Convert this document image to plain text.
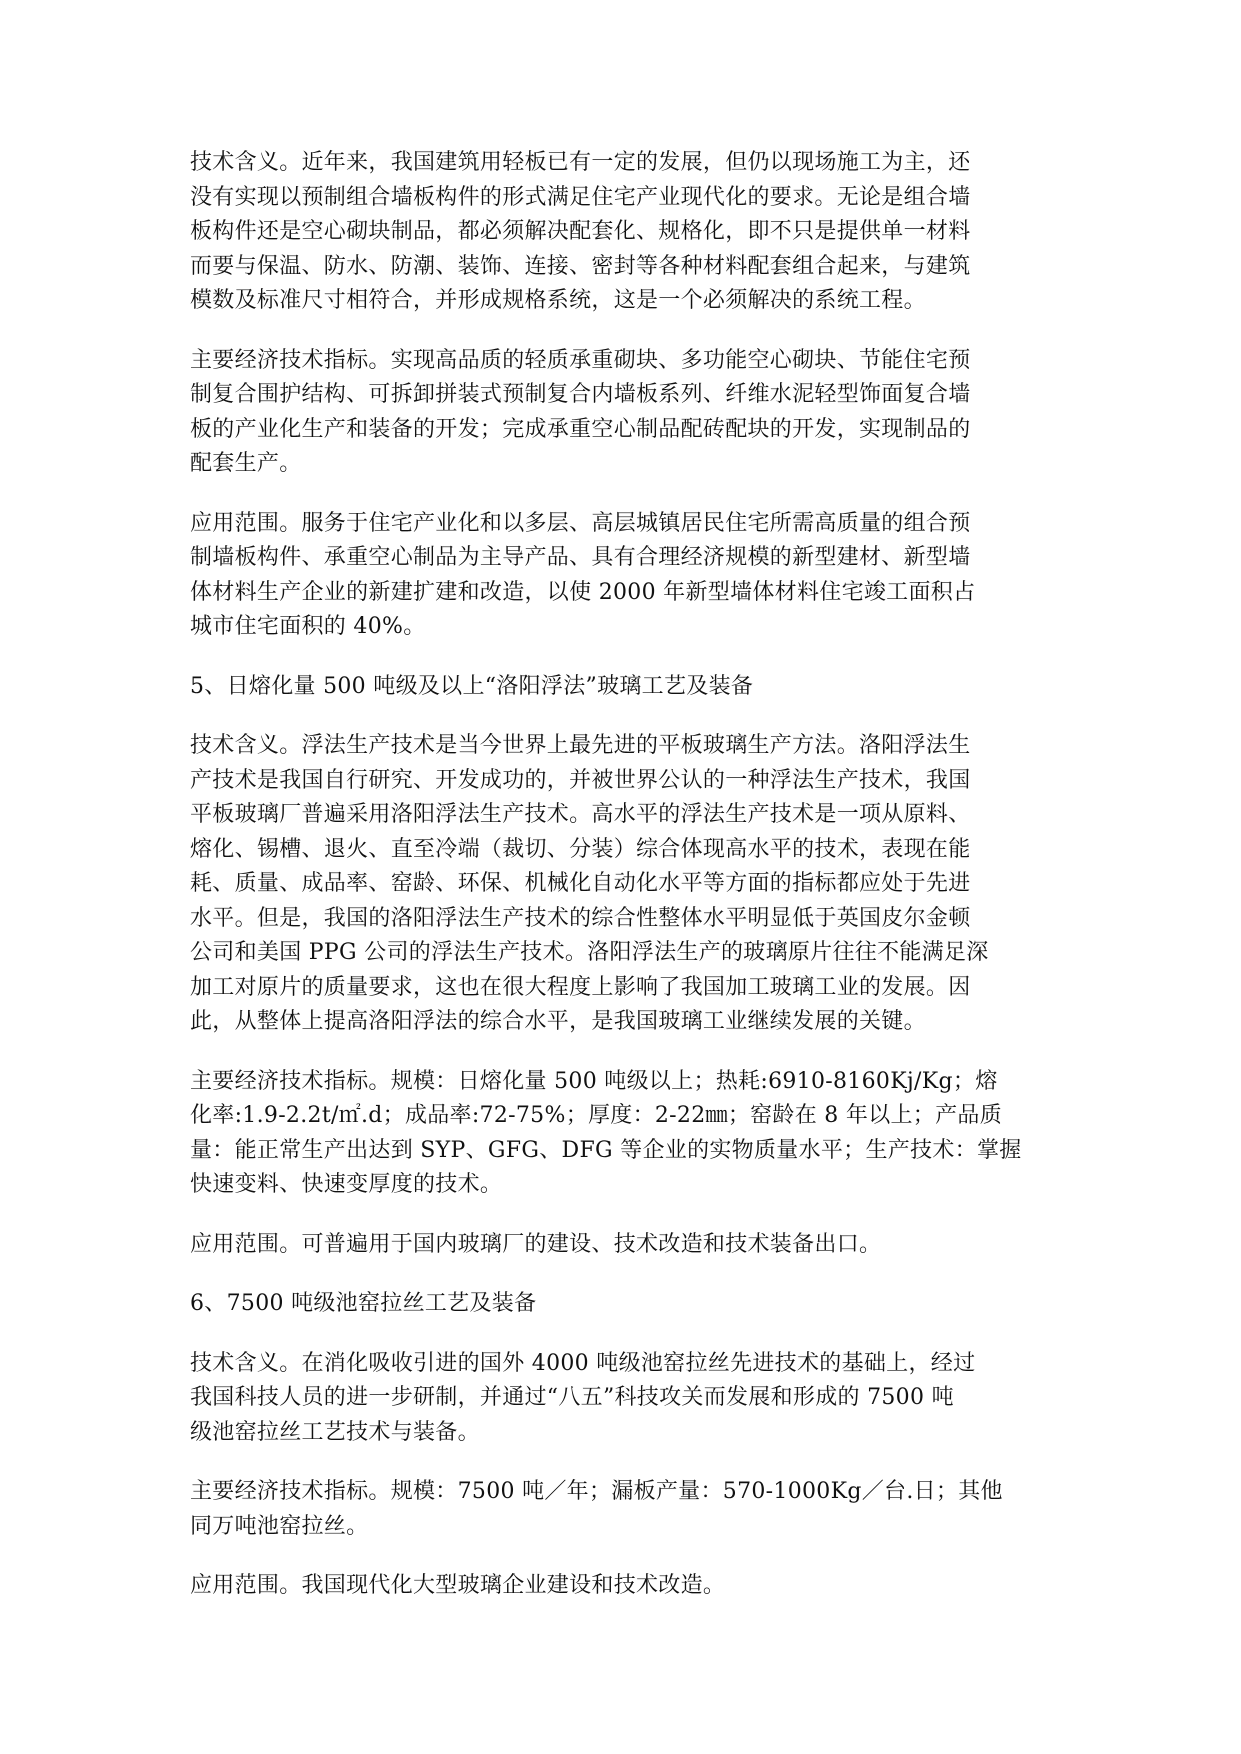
技术含义。近年来，我国建筑用轻板已有一定的发展，但仍以现场施工为主，还
没有实现以预制组合墙板构件的形式满足住宅产业现代化的要求。无论是组合墙
板构件还是空心砌块制品，都必须解决配套化、规格化，即不只是提供单一材料
而要与保温、防水、防潮、装饰、连接、密封等各种材料配套组合起来，与建筑
模数及标准尺寸相符合，并形成规格系统，这是一个必须解决的系统工程。

主要经济技术指标。实现高品质的轻质承重砌块、多功能空心砌块、节能住宅预
制复合围护结构、可拆卸拼装式预制复合内墙板系列、纤维水泥轻型饰面复合墙
板的产业化生产和装备的开发；完成承重空心制品配砖配块的开发，实现制品的
配套生产。

应用范围。服务于住宅产业化和以多层、高层城镇居民住宅所需高质量的组合预
制墙板构件、承重空心制品为主导产品、具有合理经济规模的新型建材、新型墙
体材料生产企业的新建扩建和改造，以使 2000 年新型墙体材料住宅竣工面积占
城市住宅面积的 40%。

5、日熔化量 500 吨级及以上“洛阳浮法”玻璃工艺及装备

技术含义。浮法生产技术是当今世界上最先进的平板玻璃生产方法。洛阳浮法生
产技术是我国自行研究、开发成功的，并被世界公认的一种浮法生产技术，我国
平板玻璃厂普遍采用洛阳浮法生产技术。高水平的浮法生产技术是一项从原料、
熔化、锡槽、退火、直至冷端（裁切、分装）综合体现高水平的技术，表现在能
耗、质量、成品率、窑龄、环保、机械化自动化水平等方面的指标都应处于先进
水平。但是，我国的洛阳浮法生产技术的综合性整体水平明显低于英国皮尔金顿
公司和美国 PPG 公司的浮法生产技术。洛阳浮法生产的玻璃原片往往不能满足深
加工对原片的质量要求，这也在很大程度上影响了我国加工玻璃工业的发展。因
此，从整体上提高洛阳浮法的综合水平，是我国玻璃工业继续发展的关键。

主要经济技术指标。规模：日熔化量 500 吨级以上；热耗:6910-8160Kj/Kg；熔
化率:1.9-2.2t/㎡.d；成品率:72-75%；厚度：2-22㎜；窑龄在 8 年以上；产品质
量：能正常生产出达到 SYP、GFG、DFG 等企业的实物质量水平；生产技术：掌握
快速变料、快速变厚度的技术。

应用范围。可普遍用于国内玻璃厂的建设、技术改造和技术装备出口。

6、7500 吨级池窑拉丝工艺及装备

技术含义。在消化吸收引进的国外 4000 吨级池窑拉丝先进技术的基础上，经过
我国科技人员的进一步研制，并通过“八五”科技攻关而发展和形成的 7500 吨
级池窑拉丝工艺技术与装备。

主要经济技术指标。规模：7500 吨／年；漏板产量：570-1000Kg／台.日；其他
同万吨池窑拉丝。

应用范围。我国现代化大型玻璃企业建设和技术改造。
